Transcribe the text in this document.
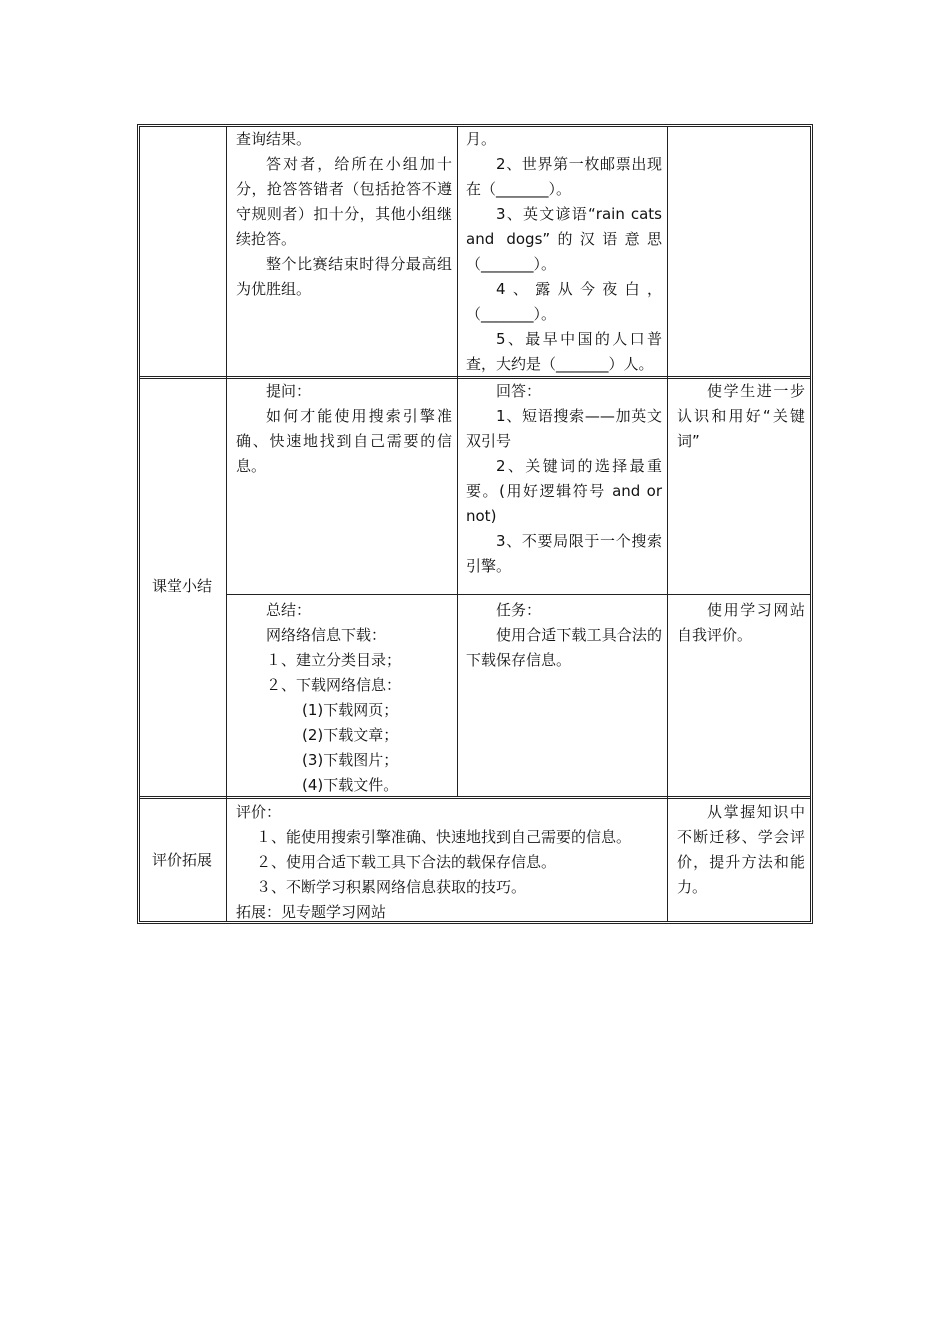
查询结果。

答对者，给所在小组加十分，抢答答错者（包括抢答不遵守规则者）扣十分，其他小组继续抢答。

整个比赛结束时得分最高组为优胜组。

月。

2、世界第一枚邮票出现在（_______）。

3、英文谚语“rain cats and dogs”的汉语意思（_______）。

4、露从今夜白，（_______）。

5、最早中国的人口普查，大约是（_______）人。

课堂小结

提问：

如何才能使用搜索引擎准确、快速地找到自己需要的信息。

回答：

1、短语搜索——加英文双引号

2、关键词的选择最重要。(用好逻辑符号 and or not)

3、不要局限于一个搜索引擎。

使学生进一步认识和用好“关键词”

总结：

网络络信息下载：

１、建立分类目录；

２、下载网络信息：

(1)下载网页；

(2)下载文章；

(3)下载图片；

(4)下载文件。

任务：

使用合适下载工具合法的下载保存信息。

使用学习网站自我评价。

评价拓展

评价：

１、能使用搜索引擎准确、快速地找到自己需要的信息。

２、使用合适下载工具下合法的载保存信息。

３、不断学习积累网络信息获取的技巧。

拓展：见专题学习网站

从掌握知识中不断迁移、学会评价，提升方法和能力。
